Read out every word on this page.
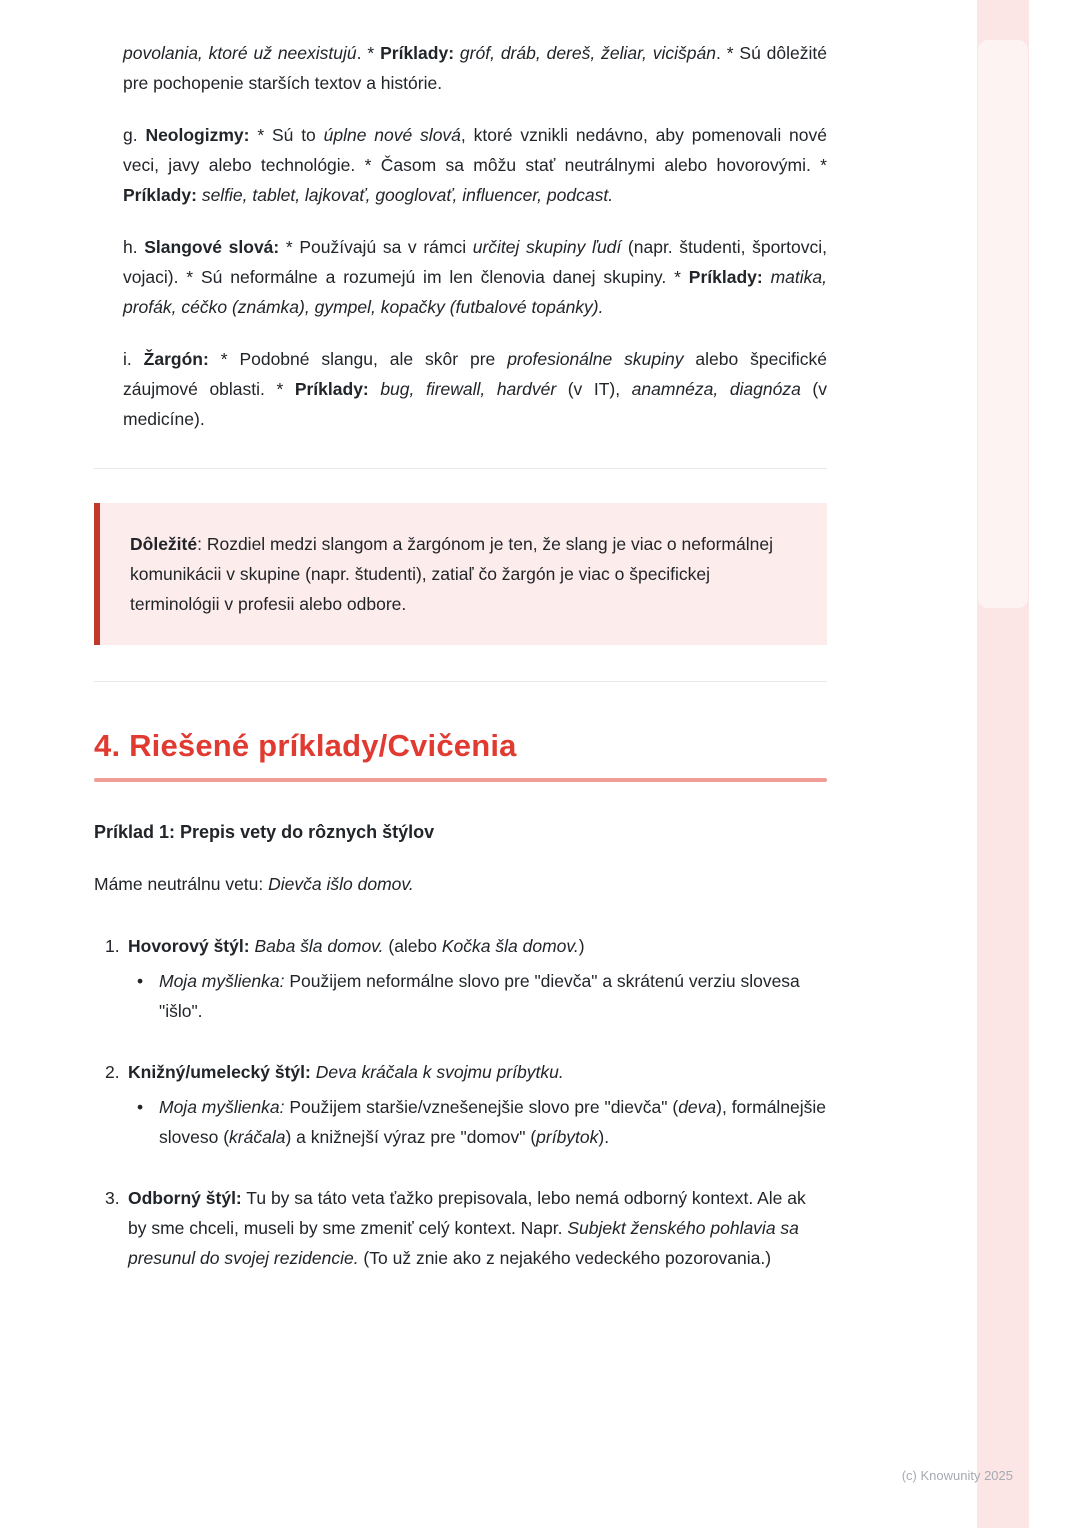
povolania, ktoré už neexistujú. * Príklady: gróf, dráb, dereš, želiar, vicišpán. * Sú dôležité pre pochopenie starších textov a histórie.

g. Neologizmy: * Sú to úplne nové slová, ktoré vznikli nedávno, aby pomenovali nové veci, javy alebo technológie. * Časom sa môžu stať neutrálnymi alebo hovorovými. * Príklady: selfie, tablet, lajkovať, googlovať, influencer, podcast.

h. Slangové slová: * Používajú sa v rámci určitej skupiny ľudí (napr. študenti, športovci, vojaci). * Sú neformálne a rozumejú im len členovia danej skupiny. * Príklady: matika, profák, céčko (známka), gympel, kopačky (futbalové topánky).

i. Žargón: * Podobné slangu, ale skôr pre profesionálne skupiny alebo špecifické záujmové oblasti. * Príklady: bug, firewall, hardvér (v IT), anamnéza, diagnóza (v medicíne).

Dôležité: Rozdiel medzi slangom a žargónom je ten, že slang je viac o neformálnej komunikácii v skupine (napr. študenti), zatiaľ čo žargón je viac o špecifickej terminológii v profesii alebo odbore.
4. Riešené príklady/Cvičenia
Príklad 1: Prepis vety do rôznych štýlov

Máme neutrálnu vetu: Dievča išlo domov.

1. Hovorový štýl: Baba šla domov. (alebo Kočka šla domov.)

• Moja myšlienka: Použijem neformálne slovo pre "dievča" a skrátenú verziu slovesa "išlo".

2. Knižný/umelecký štýl: Deva kráčala k svojmu príbytku.

• Moja myšlienka: Použijem staršie/vznešenejšie slovo pre "dievča" (deva), formálnejšie sloveso (kráčala) a knižnejší výraz pre "domov" (príbytok).

3. Odborný štýl: Tu by sa táto veta ťažko prepisovala, lebo nemá odborný kontext. Ale ak by sme chceli, museli by sme zmeniť celý kontext. Napr. Subjekt ženského pohlavia sa presunul do svojej rezidencie. (To už znie ako z nejakého vedeckého pozorovania.)

(c) Knowunity 2025
